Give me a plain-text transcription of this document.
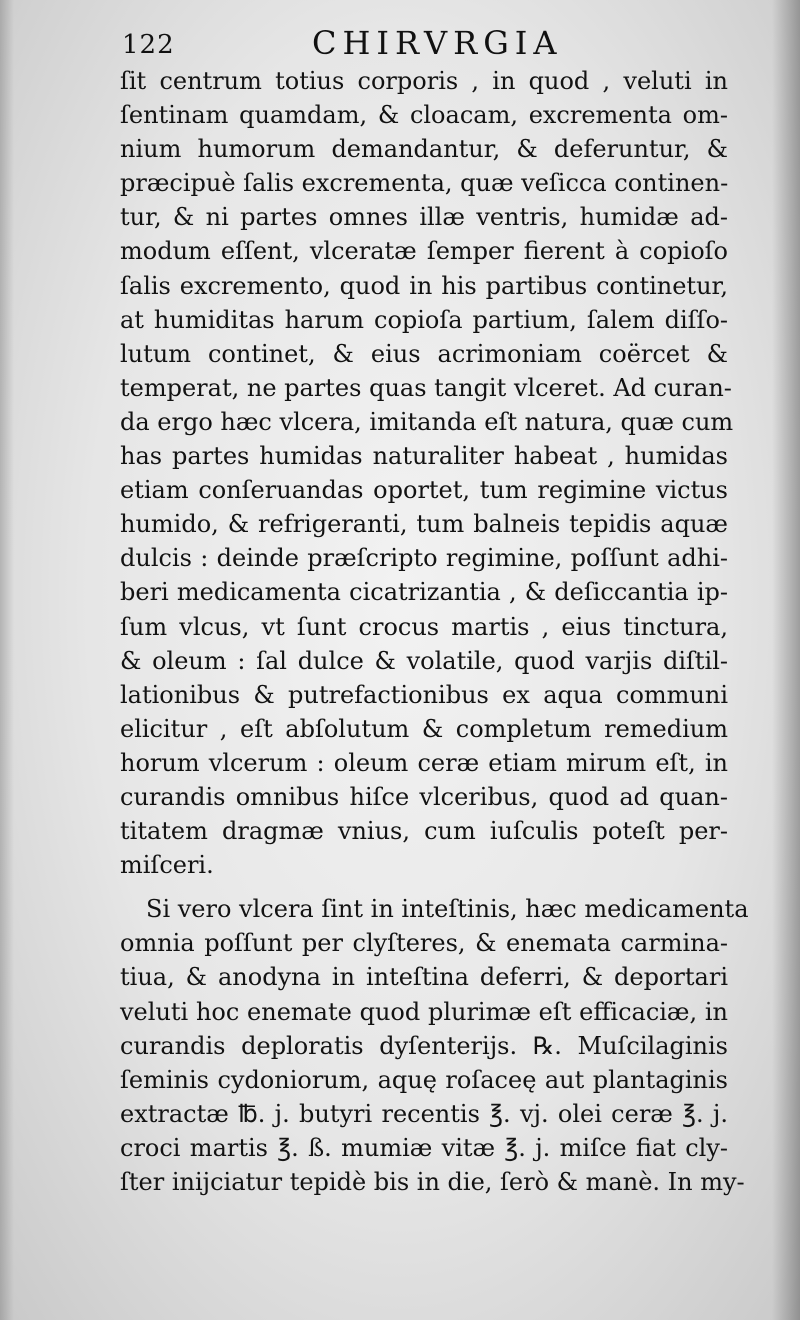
122	CHIRVRGIA
ſit centrum totius corporis , in quod , veluti in
ſentinam quamdam, & cloacam, excrementa om-
nium humorum demandantur, & deferuntur, &
præcipuè ſalis excrementa, quæ veſicca continen-
tur, & ni partes omnes illæ ventris, humidæ ad-
modum eſſent, vlceratæ ſemper fierent à copioſo
ſalis excremento, quod in his partibus continetur,
at humiditas harum copioſa partium, ſalem diſſo-
lutum continet, & eius acrimoniam coërcet &
temperat, ne partes quas tangit vlceret. Ad curan-
da ergo hæc vlcera, imitanda eſt natura, quæ cum
has partes humidas naturaliter habeat , humidas
etiam conſeruandas oportet, tum regimine victus
humido, & refrigeranti, tum balneis tepidis aquæ
dulcis : deinde præſcripto regimine, poſſunt adhi-
beri medicamenta cicatrizantia , & deſiccantia ip-
ſum vlcus, vt ſunt crocus martis , eius tinctura,
& oleum : ſal dulce & volatile, quod varjis diſtil-
lationibus & putrefactionibus ex aqua communi
elicitur , eſt abſolutum & completum remedium
horum vlcerum : oleum ceræ etiam mirum eſt, in
curandis omnibus hiſce vlceribus, quod ad quan-
titatem dragmæ vnius, cum iuſculis poteſt per-
miſceri.
Si vero vlcera ſint in inteſtinis, hæc medicamenta
omnia poſſunt per clyſteres, & enemata carmina-
tiua, & anodyna in inteſtina deferri, & deportari
veluti hoc enemate quod plurimæ eſt efficaciæ, in
curandis deploratis dyſenterijs. ℞. Muſcilaginis
ſeminis cydoniorum, aquę roſaceę aut plantaginis
extractæ ℔. j. butyri recentis ℥. vj. olei ceræ ℥. j.
croci martis ℥. ß. mumiæ vitæ ℥. j. miſce fiat cly-
ſter inijciatur tepidè bis in die, ſerò & manè. In my-
